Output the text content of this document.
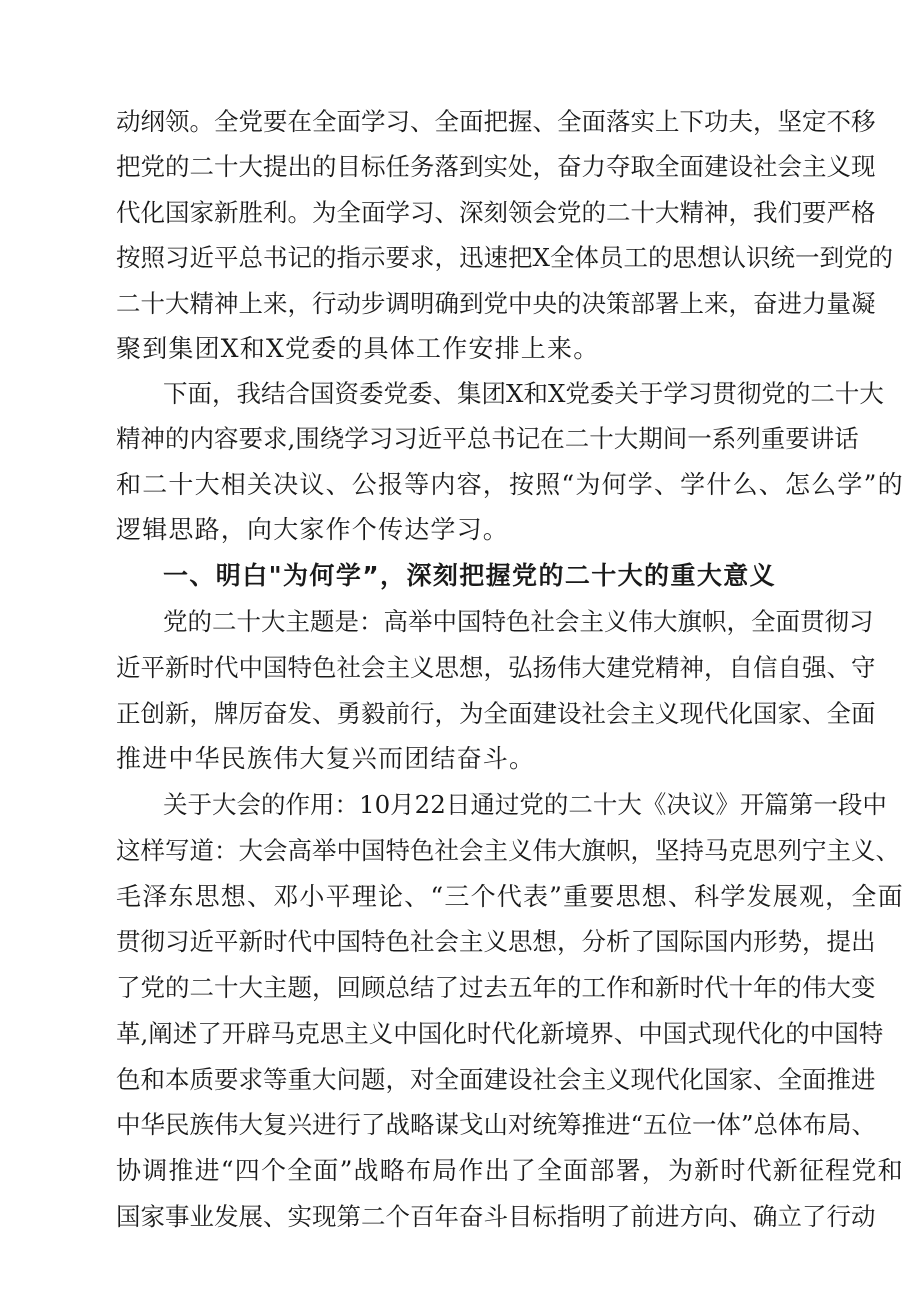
动纲领。全党要在全面学习、全面把握、全面落实上下功夫，坚定不移
把党的二十大提出的目标任务落到实处，奋力夺取全面建设社会主义现
代化国家新胜利。为全面学习、深刻领会党的二十大精神，我们要严格
按照习近平总书记的指示要求，迅速把X全体员工的思想认识统一到党的
二十大精神上来，行动步调明确到党中央的决策部署上来，奋进力量凝
聚到集团X和X党委的具体工作安排上来。
下面，我结合国资委党委、集团X和X党委关于学习贯彻党的二十大
精神的内容要求,围绕学习习近平总书记在二十大期间一系列重要讲话
和二十大相关决议、公报等内容，按照“为何学、学什么、怎么学”的
逻辑思路，向大家作个传达学习。
一、明白"为何学”，深刻把握党的二十大的重大意义
党的二十大主题是：高举中国特色社会主义伟大旗帜，全面贯彻习
近平新时代中国特色社会主义思想，弘扬伟大建党精神，自信自强、守
正创新，牌厉奋发、勇毅前行，为全面建设社会主义现代化国家、全面
推进中华民族伟大复兴而团结奋斗。
关于大会的作用：10月22日通过党的二十大《决议》开篇第一段中
这样写道：大会高举中国特色社会主义伟大旗帜，坚持马克思列宁主义、
毛泽东思想、邓小平理论、“三个代表”重要思想、科学发展观，全面
贯彻习近平新时代中国特色社会主义思想，分析了国际国内形势，提出
了党的二十大主题，回顾总结了过去五年的工作和新时代十年的伟大变
革,阐述了开辟马克思主义中国化时代化新境界、中国式现代化的中国特
色和本质要求等重大问题，对全面建设社会主义现代化国家、全面推进
中华民族伟大复兴进行了战略谋戈山对统筹推进“五位一体”总体布局、
协调推进“四个全面”战略布局作出了全面部署，为新时代新征程党和
国家事业发展、实现第二个百年奋斗目标指明了前进方向、确立了行动
